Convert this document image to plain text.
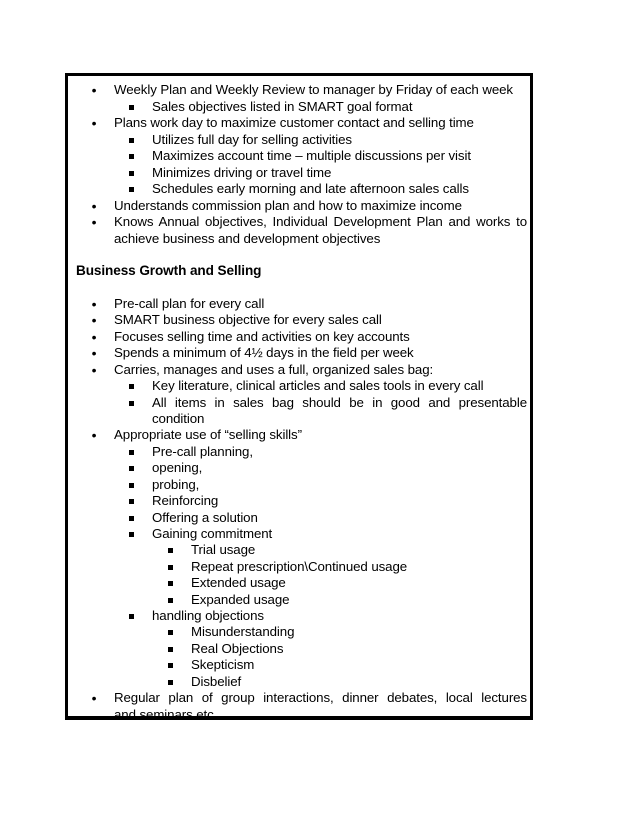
• Weekly Plan and Weekly Review to manager by Friday of each week
Sales objectives listed in SMART goal format
• Plans work day to maximize customer contact and selling time
Utilizes full day for selling activities
Maximizes account time – multiple discussions per visit
Minimizes driving or travel time
Schedules early morning and late afternoon sales calls
• Understands commission plan and how to maximize income
• Knows Annual objectives, Individual Development Plan and works to
achieve business and development objectives
Business Growth and Selling
• Pre-call plan for every call
• SMART business objective for every sales call
• Focuses selling time and activities on key accounts
• Spends a minimum of 4½ days in the field per week
• Carries, manages and uses a full, organized sales bag:
Key literature, clinical articles and sales tools in every call
All items in sales bag should be in good and presentable
condition
• Appropriate use of “selling skills”
Pre-call planning,
opening,
probing,
Reinforcing
Offering a solution
Gaining commitment
Trial usage
Repeat prescription\Continued usage
Extended usage
Expanded usage
handling objections
Misunderstanding
Real Objections
Skepticism
Disbelief
• Regular plan of group interactions, dinner debates, local lectures
and seminars etc.
